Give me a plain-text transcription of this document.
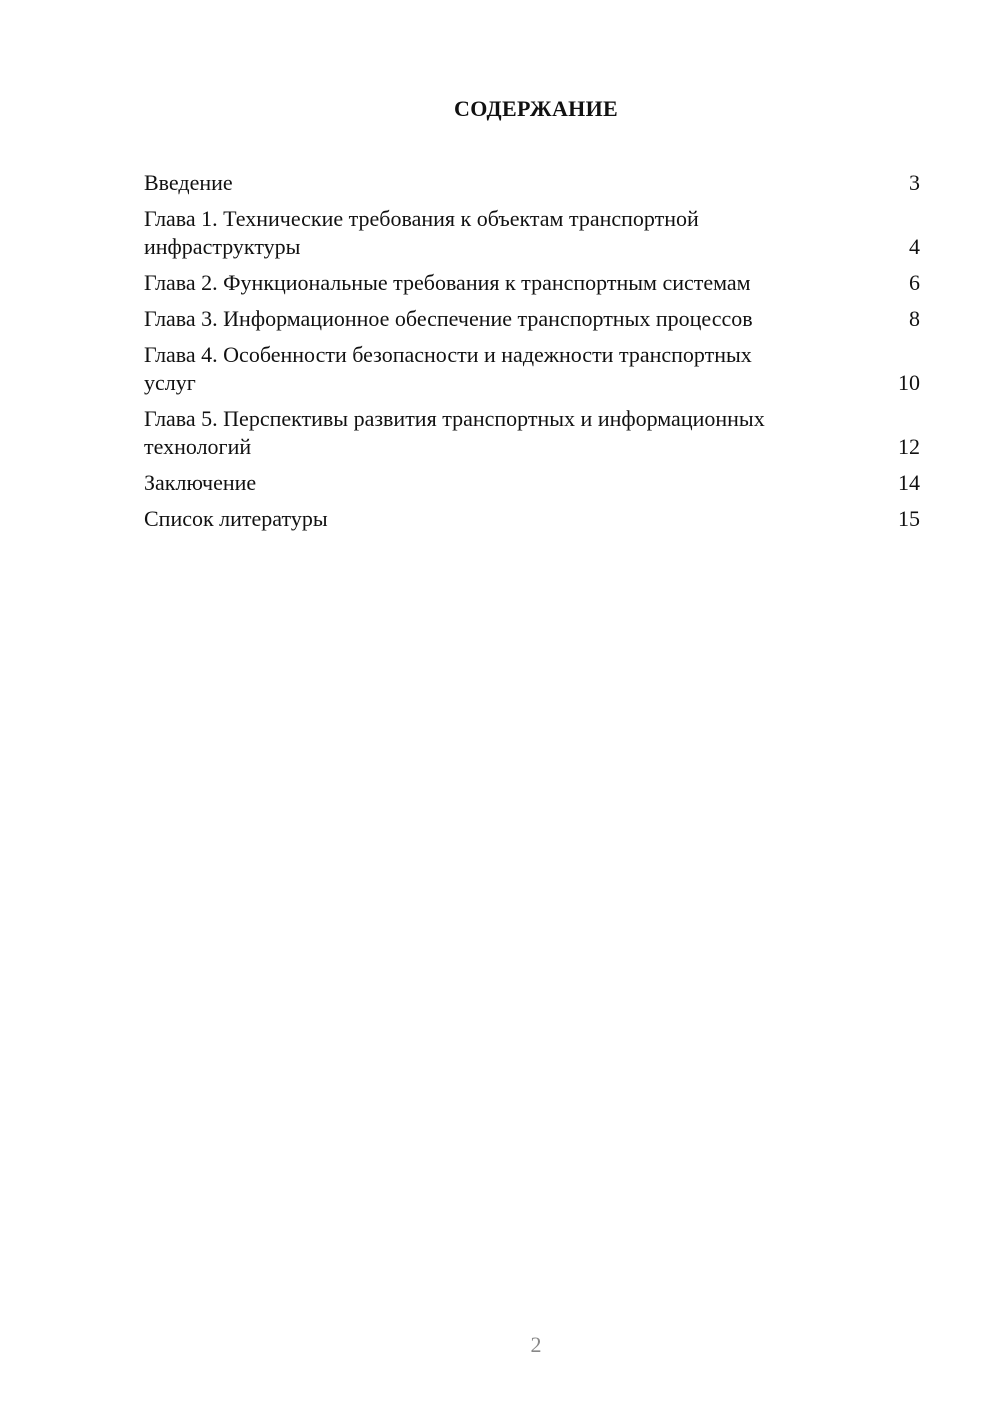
СОДЕРЖАНИЕ
Введение	3
Глава 1. Технические требования к объектам транспортной инфраструктуры	4
Глава 2. Функциональные требования к транспортным системам	6
Глава 3. Информационное обеспечение транспортных процессов	8
Глава 4. Особенности безопасности и надежности транспортных услуг	10
Глава 5. Перспективы развития транспортных и информационных технологий	12
Заключение	14
Список литературы	15
2
